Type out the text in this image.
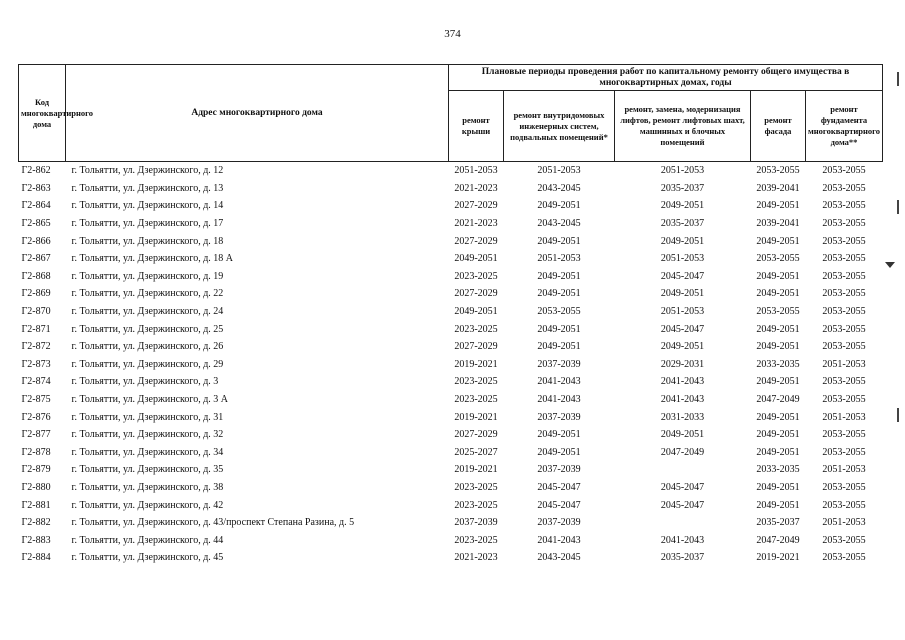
374
Код многоквартирного дома	Адрес многоквартирного дома	Плановые периоды проведения работ по капитальному ремонту общего имущества в многоквартирных домах, годы				
		ремонт крыши	ремонт внутридомовых инженерных систем, подвальных помещений*	ремонт, замена, модернизация лифтов, ремонт лифтовых шахт, машинных и блочных помещений	ремонт фасада	ремонт фундамента многоквартирного дома**
Г2-862	г. Тольятти, ул. Дзержинского, д. 12	2051-2053	2051-2053	2051-2053	2053-2055	2053-2055
Г2-863	г. Тольятти, ул. Дзержинского, д. 13	2021-2023	2043-2045	2035-2037	2039-2041	2053-2055
Г2-864	г. Тольятти, ул. Дзержинского, д. 14	2027-2029	2049-2051	2049-2051	2049-2051	2053-2055
Г2-865	г. Тольятти, ул. Дзержинского, д. 17	2021-2023	2043-2045	2035-2037	2039-2041	2053-2055
Г2-866	г. Тольятти, ул. Дзержинского, д. 18	2027-2029	2049-2051	2049-2051	2049-2051	2053-2055
Г2-867	г. Тольятти, ул. Дзержинского, д. 18 А	2049-2051	2051-2053	2051-2053	2053-2055	2053-2055
Г2-868	г. Тольятти, ул. Дзержинского, д. 19	2023-2025	2049-2051	2045-2047	2049-2051	2053-2055
Г2-869	г. Тольятти, ул. Дзержинского, д. 22	2027-2029	2049-2051	2049-2051	2049-2051	2053-2055
Г2-870	г. Тольятти, ул. Дзержинского, д. 24	2049-2051	2053-2055	2051-2053	2053-2055	2053-2055
Г2-871	г. Тольятти, ул. Дзержинского, д. 25	2023-2025	2049-2051	2045-2047	2049-2051	2053-2055
Г2-872	г. Тольятти, ул. Дзержинского, д. 26	2027-2029	2049-2051	2049-2051	2049-2051	2053-2055
Г2-873	г. Тольятти, ул. Дзержинского, д. 29	2019-2021	2037-2039	2029-2031	2033-2035	2051-2053
Г2-874	г. Тольятти, ул. Дзержинского, д. 3	2023-2025	2041-2043	2041-2043	2049-2051	2053-2055
Г2-875	г. Тольятти, ул. Дзержинского, д. 3 А	2023-2025	2041-2043	2041-2043	2047-2049	2053-2055
Г2-876	г. Тольятти, ул. Дзержинского, д. 31	2019-2021	2037-2039	2031-2033	2049-2051	2051-2053
Г2-877	г. Тольятти, ул. Дзержинского, д. 32	2027-2029	2049-2051	2049-2051	2049-2051	2053-2055
Г2-878	г. Тольятти, ул. Дзержинского, д. 34	2025-2027	2049-2051	2047-2049	2049-2051	2053-2055
Г2-879	г. Тольятти, ул. Дзержинского, д. 35	2019-2021	2037-2039		2033-2035	2051-2053
Г2-880	г. Тольятти, ул. Дзержинского, д. 38	2023-2025	2045-2047	2045-2047	2049-2051	2053-2055
Г2-881	г. Тольятти, ул. Дзержинского, д. 42	2023-2025	2045-2047	2045-2047	2049-2051	2053-2055
Г2-882	г. Тольятти, ул. Дзержинского, д. 43/проспект Степана Разина, д. 5	2037-2039	2037-2039		2035-2037	2051-2053
Г2-883	г. Тольятти, ул. Дзержинского, д. 44	2023-2025	2041-2043	2041-2043	2047-2049	2053-2055
Г2-884	г. Тольятти, ул. Дзержинского, д. 45	2021-2023	2043-2045	2035-2037	2019-2021	2053-2055
